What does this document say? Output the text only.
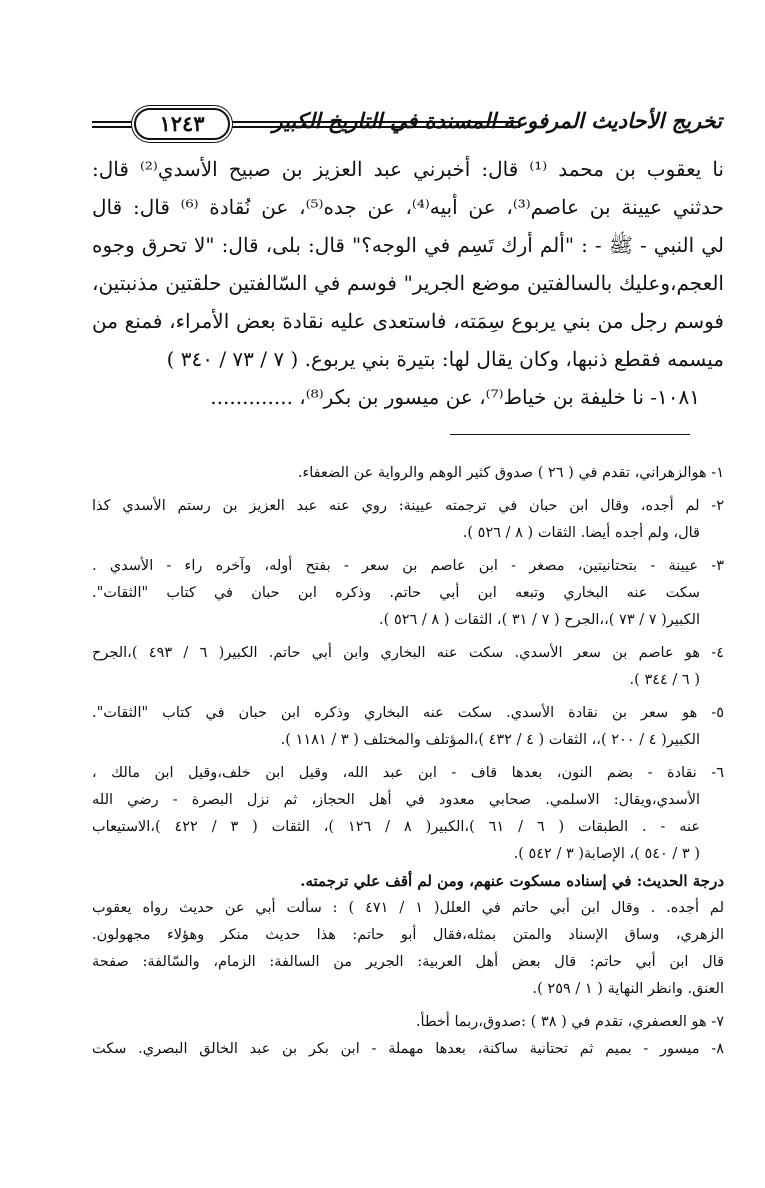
تخريج الأحاديث المرفوعة المسندة في التاريخ الكبير
١٢٤٣
نا يعقوب بن محمد ⁽¹⁾ قال: أخبرني عبد العزيز بن صبيح الأسدي⁽²⁾ قال:
حدثني عيينة بن عاصم⁽³⁾، عن أبيه⁽⁴⁾، عن جده⁽⁵⁾، عن نُقادة ⁽⁶⁾ قال: قال
لي النبي - ﷺ - : "ألم أرك تَسِم في الوجه؟" قال: بلى، قال: "لا تحرق وجوه
العجم،وعليك بالسالفتين موضع الجرير" فوسم في السّالفتين حلقتين مذنبتين،
فوسم رجل من بني يربوع سِمَته، فاستعدى عليه نقادة بعض الأمراء، فمنع من
ميسمه فقطع ذنبها، وكان يقال لها: بتيرة بني يربوع. ( ٧ / ٧٣ / ٣٤٠ )
١٠٨١- نا خليفة بن خياط⁽⁷⁾، عن ميسور بن بكر⁽⁸⁾، .............
١- هوالزهراني، تقدم في ( ٢٦ ) صدوق كثير الوهم والرواية عن الضعفاء.
٢- لم أجده، وقال ابن حبان في ترجمته عيينة: روي عنه عبد العزيز بن رستم الأسدي كذا
قال، ولم أجده أيضا. الثقات ( ٨ / ٥٢٦ ).
٣- عيينة - بتحتانيتين، مصغر - ابن عاصم بن سعر - بفتح أوله، وآخره راء - الأسدي .
سكت عنه البخاري وتبعه ابن أبي حاتم. وذكره ابن حبان في كتاب "الثقات".
الكبير( ٧ / ٧٣ )،،الجرح ( ٧ / ٣١ )، الثقات ( ٨ / ٥٢٦ ).
٤- هو عاصم بن سعر الأسدي. سكت عنه البخاري وابن أبي حاتم. الكبير( ٦ / ٤٩٣ )،الجرح
( ٦ / ٣٤٤ ).
٥- هو سعر بن نقادة الأسدي. سكت عنه البخاري وذكره ابن حبان في كتاب "الثقات".
الكبير( ٤ / ٢٠٠ )،، الثقات ( ٤ / ٤٣٢ )،المؤتلف والمختلف ( ٣ / ١١٨١ ).
٦- نقادة - بضم النون، بعدها قاف - ابن عبد الله، وقيل ابن خلف،وقيل ابن مالك ،
الأسدي،ويقال: الاسلمي. صحابي معدود في أهل الحجاز، ثم نزل البصرة - رضي الله
عنه - . الطبقات ( ٦ / ٦١ )،الكبير( ٨ / ١٢٦ )، الثقات ( ٣ / ٤٢٢ )،الاستيعاب
( ٣ / ٥٤٠ )، الإصابة( ٣ / ٥٤٢ ).
درجة الحديث: في إسناده مسكوت عنهم، ومن لم أقف علي ترجمته.
لم أجده. . وقال ابن أبي حاتم في العلل( ١ / ٤٧١ ) : سألت أبي عن حديث رواه يعقوب
الزهري، وساق الإسناد والمتن بمثله،فقال أبو حاتم: هذا حديث منكر وهؤلاء مجهولون.
قال ابن أبي حاتم: قال بعض أهل العربية: الجرير من السالفة: الزمام، والسّالفة: صفحة
العنق. وانظر النهاية ( ١ / ٢٥٩ ).
٧- هو العصفري، تقدم في ( ٣٨ ) :صدوق،ربما أخطأ.
٨- ميسور - بميم ثم تحتانية ساكنة، بعدها مهملة - ابن بكر بن عبد الخالق البصري. سكت
